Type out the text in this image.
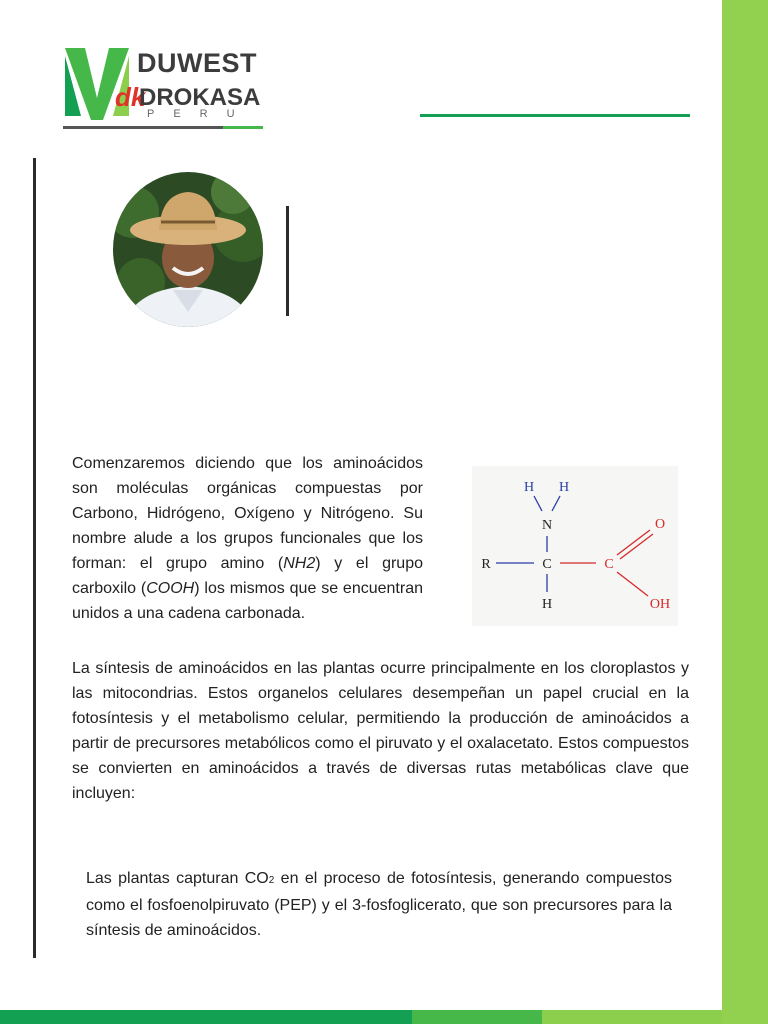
DUWEST
dk
DROKASA
PERU

Comenzaremos diciendo que los aminoácidos son moléculas orgánicas compuestas por Carbono, Hidrógeno, Oxígeno y Nitrógeno. Su nombre alude a los grupos funcionales que los forman: el grupo amino (NH2) y el grupo carboxilo (COOH) los mismos que se encuentran unidos a una cadena carbonada.

H H
N
R	C	C
O
OH
H

La síntesis de aminoácidos en las plantas ocurre principalmente en los cloroplastos y las mitocondrias. Estos organelos celulares desempeñan un papel crucial en la fotosíntesis y el metabolismo celular, permitiendo la producción de aminoácidos a partir de precursores metabólicos como el piruvato y el oxalacetato. Estos compuestos se convierten en aminoácidos a través de diversas rutas metabólicas clave que incluyen:

Las plantas capturan CO2 en el proceso de fotosíntesis, generando compuestos como el fosfoenolpiruvato (PEP) y el 3-fosfoglicerato, que son precursores para la síntesis de aminoácidos.
